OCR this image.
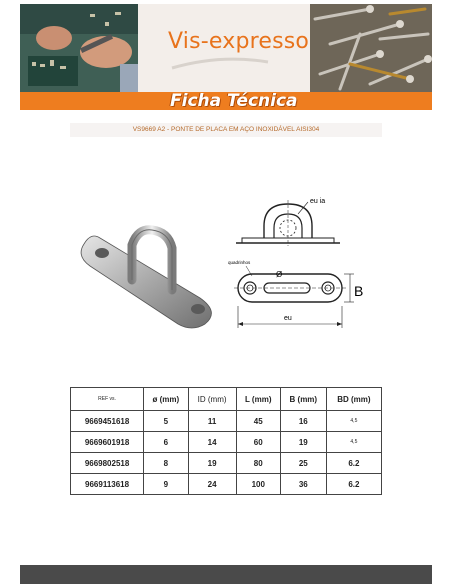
Vis-expresso
Ficha Técnica
VS9669 A2 - PONTE DE PLACA EM AÇO INOXIDÁVEL AISI304
eu ia
quadrinhos
Ø
B
eu
REF vs.	ø (mm)	ID (mm)	L (mm)	B (mm)	BD (mm)
9669451618	5	11	45	16	4,5
9669601918	6	14	60	19	4,5
9669802518	8	19	80	25	6.2
9669113618	9	24	100	36	6.2
